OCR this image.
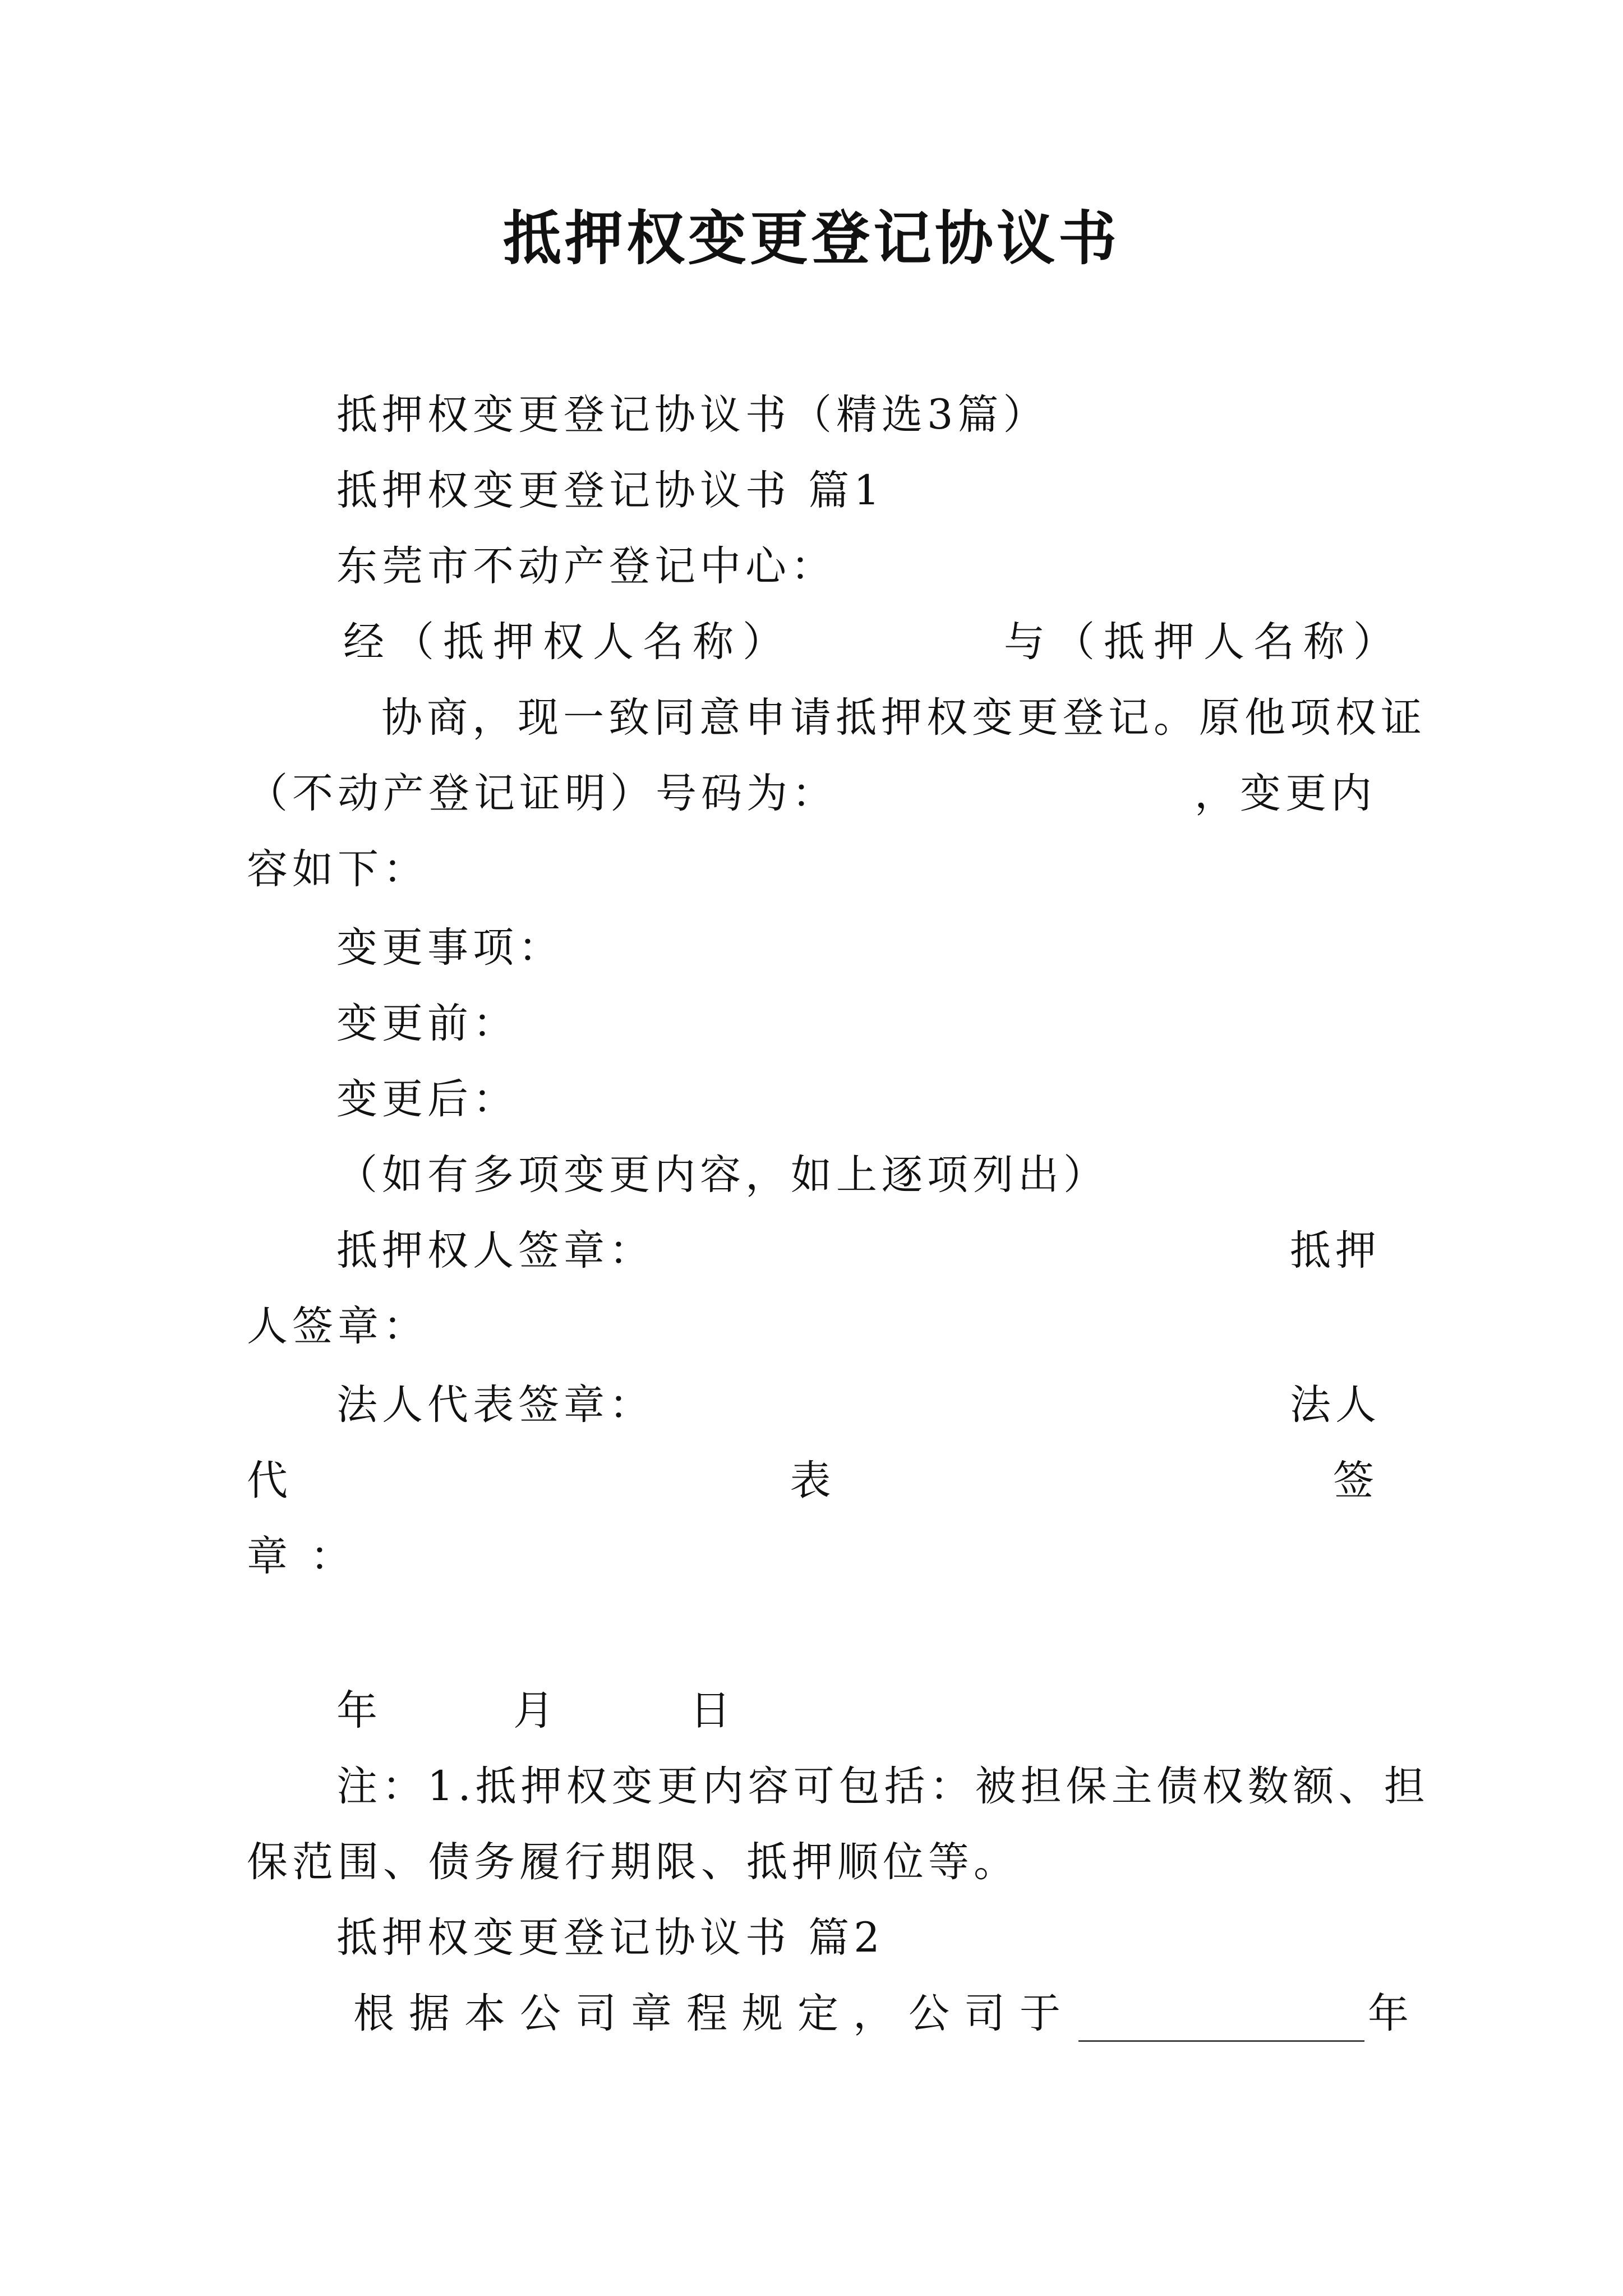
抵押权变更登记协议书
抵押权变更登记协议书（精选3篇）
抵押权变更登记协议书 篇1
东莞市不动产登记中心：
经（抵押权人名称）	与（抵押人名称）
协商，现一致同意申请抵押权变更登记。原他项权证
（不动产登记证明）号码为：	，变更内
容如下：
变更事项：
变更前：
变更后：
（如有多项变更内容，如上逐项列出）
抵押权人签章：	抵押
人签章：
法人代表签章：	法人
代	表	签
章：
年	月	日
注：1.抵押权变更内容可包括：被担保主债权数额、担
保范围、债务履行期限、抵押顺位等。
抵押权变更登记协议书 篇2
根据本公司章程规定，公司于	年
